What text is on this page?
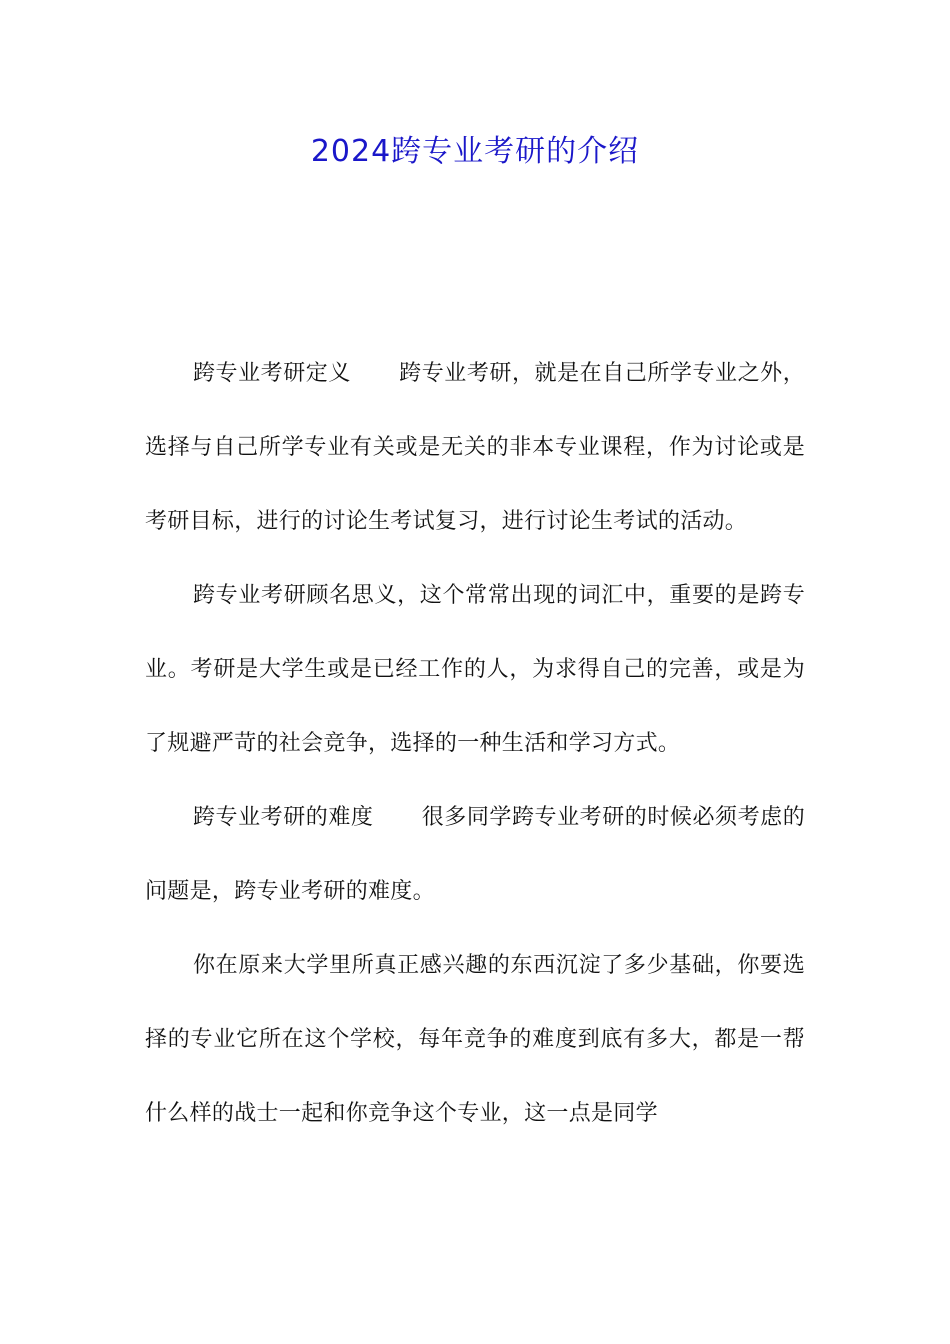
2024跨专业考研的介绍

跨专业考研定义 跨专业考研，就是在自己所学专业之外，选择与自己所学专业有关或是无关的非本专业课程，作为讨论或是考研目标，进行的讨论生考试复习，进行讨论生考试的活动。

跨专业考研顾名思义，这个常常出现的词汇中，重要的是跨专业。考研是大学生或是已经工作的人，为求得自己的完善，或是为了规避严苛的社会竞争，选择的一种生活和学习方式。

跨专业考研的难度 很多同学跨专业考研的时候必须考虑的问题是，跨专业考研的难度。

你在原来大学里所真正感兴趣的东西沉淀了多少基础，你要选择的专业它所在这个学校，每年竞争的难度到底有多大，都是一帮什么样的战士一起和你竞争这个专业，这一点是同学
